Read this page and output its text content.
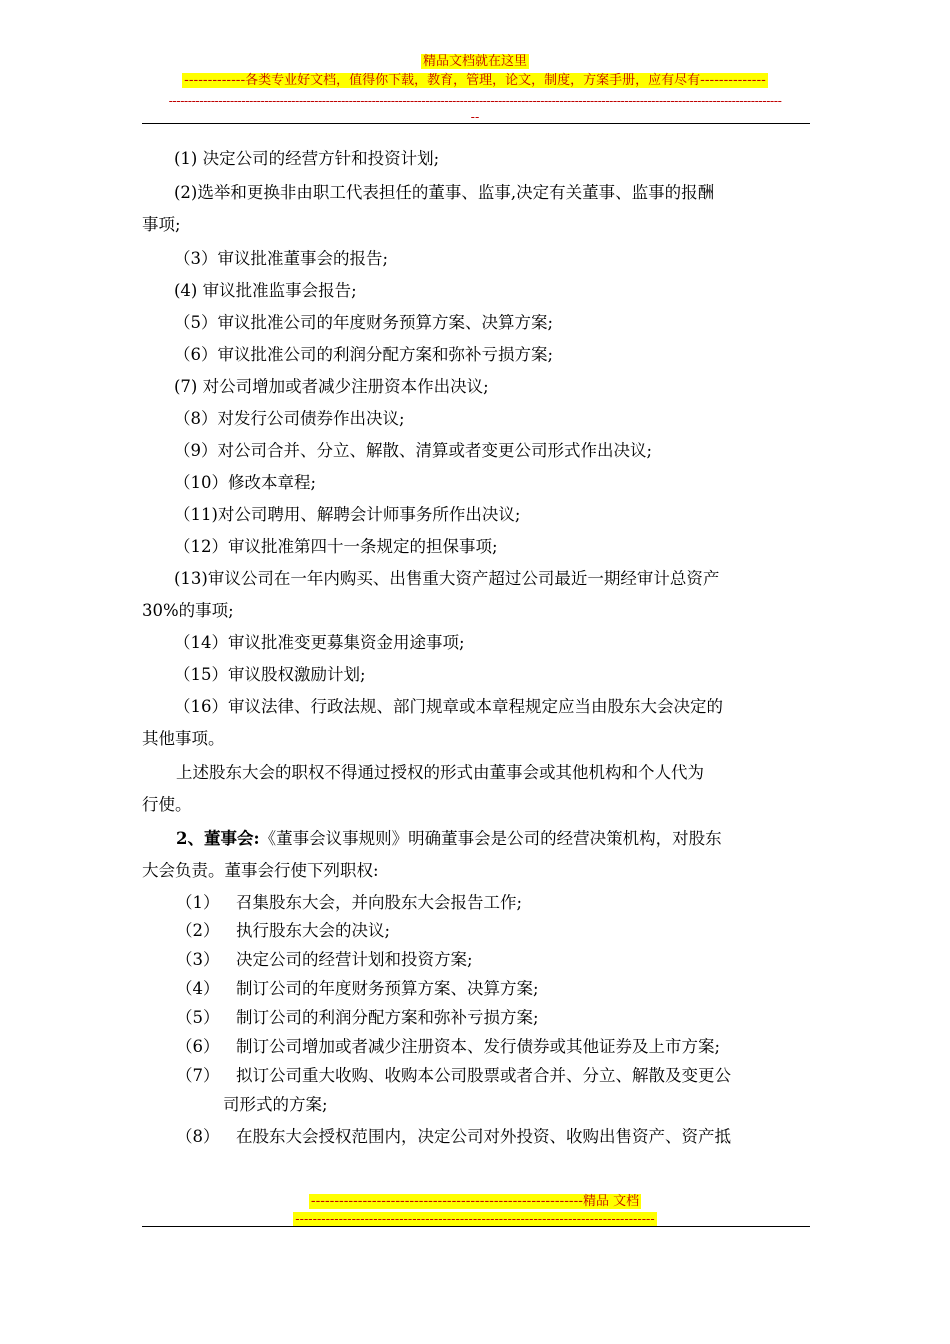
精品文档就在这里
-------------各类专业好文档，值得你下载，教育，管理，论文，制度，方案手册，应有尽有--------------
----------------------------------------------------------------------------------------------------------------------------------------------------------------
--
(1) 决定公司的经营方针和投资计划;
(2)选举和更换非由职工代表担任的董事、监事,决定有关董事、监事的报酬
事项;
（3）审议批准董事会的报告;
(4) 审议批准监事会报告;
（5）审议批准公司的年度财务预算方案、决算方案;
（6）审议批准公司的利润分配方案和弥补亏损方案;
(7) 对公司增加或者减少注册资本作出决议;
（8）对发行公司债券作出决议;
（9）对公司合并、分立、解散、清算或者变更公司形式作出决议;
（10）修改本章程;
（11)对公司聘用、解聘会计师事务所作出决议;
（12）审议批准第四十一条规定的担保事项;
(13)审议公司在一年内购买、出售重大资产超过公司最近一期经审计总资产
30%的事项;
（14）审议批准变更募集资金用途事项;
（15）审议股权激励计划;
（16）审议法律、行政法规、部门规章或本章程规定应当由股东大会决定的
其他事项。
上述股东大会的职权不得通过授权的形式由董事会或其他机构和个人代为
行使。
2、董事会:《董事会议事规则》明确董事会是公司的经营决策机构，对股东
大会负责。董事会行使下列职权:
（1） 召集股东大会，并向股东大会报告工作;
（2） 执行股东大会的决议;
（3） 决定公司的经营计划和投资方案;
（4） 制订公司的年度财务预算方案、决算方案;
（5） 制订公司的利润分配方案和弥补亏损方案;
（6） 制订公司增加或者减少注册资本、发行债券或其他证券及上市方案;
（7） 拟订公司重大收购、收购本公司股票或者合并、分立、解散及变更公
司形式的方案;
（8） 在股东大会授权范围内，决定公司对外投资、收购出售资产、资产抵
----------------------------------------------------------精品 文档
-----------------------------------------------------------------------------------
